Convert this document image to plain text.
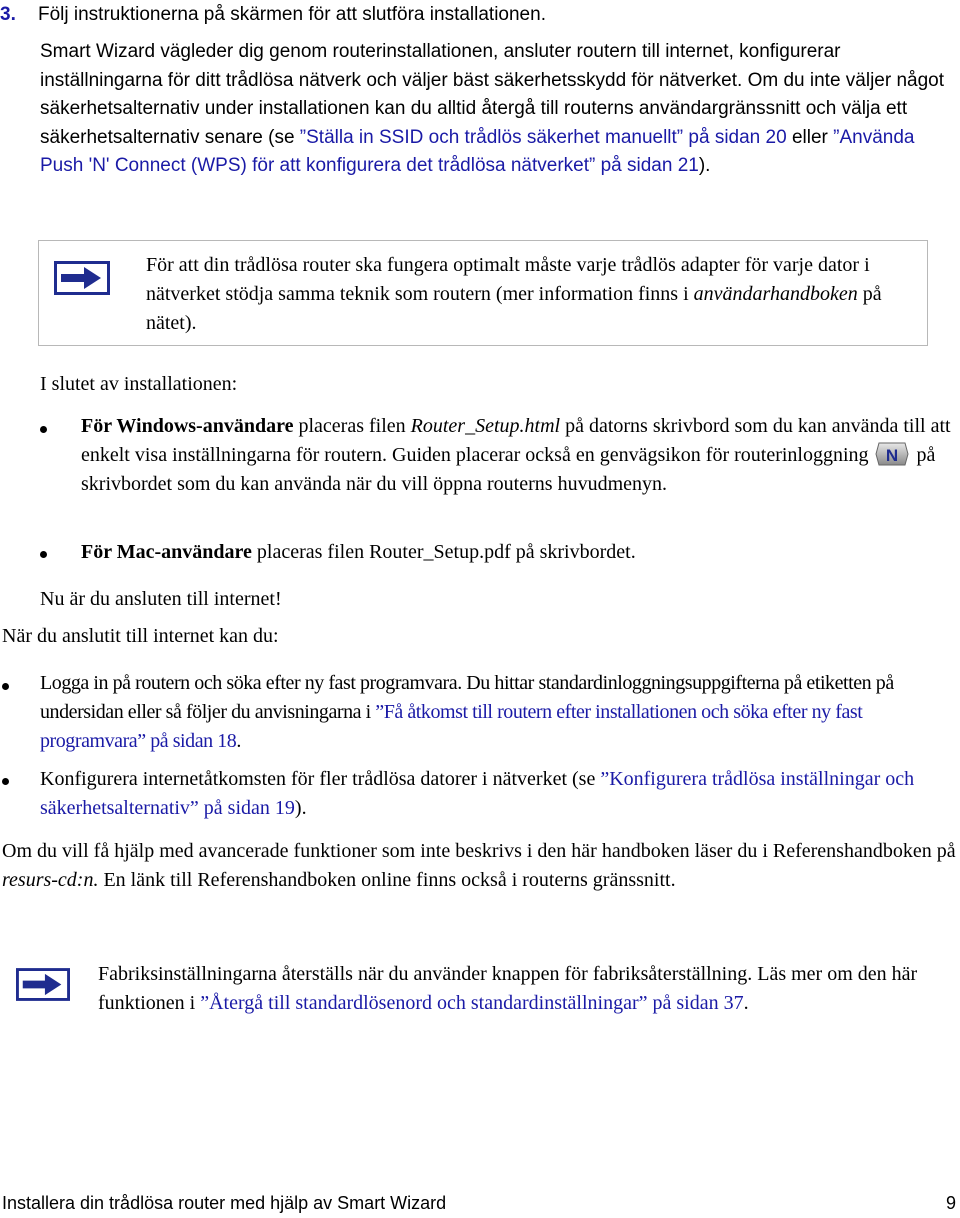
3. Följ instruktionerna på skärmen för att slutföra installationen.
Smart Wizard vägleder dig genom routerinstallationen, ansluter routern till internet, konfigurerar inställningarna för ditt trådlösa nätverk och väljer bäst säkerhetsskydd för nätverket. Om du inte väljer något säkerhetsalternativ under installationen kan du alltid återgå till routerns användargränssnitt och välja ett säkerhetsalternativ senare (se ”Ställa in SSID och trådlös säkerhet manuellt” på sidan 20 eller ”Använda Push 'N' Connect (WPS) för att konfigurera det trådlösa nätverket” på sidan 21).
För att din trådlösa router ska fungera optimalt måste varje trådlös adapter för varje dator i nätverket stödja samma teknik som routern (mer information finns i användarhandboken på nätet).
I slutet av installationen:
För Windows-användare placeras filen Router_Setup.html på datorns skrivbord som du kan använda till att enkelt visa inställningarna för routern. Guiden placerar också en genvägsikon för routerinloggning N på skrivbordet som du kan använda när du vill öppna routerns huvudmenyn.
För Mac-användare placeras filen Router_Setup.pdf på skrivbordet.
Nu är du ansluten till internet!
När du anslutit till internet kan du:
Logga in på routern och söka efter ny fast programvara. Du hittar standardinloggningsuppgifterna på etiketten på undersidan eller så följer du anvisningarna i ”Få åtkomst till routern efter installationen och söka efter ny fast programvara” på sidan 18.
Konfigurera internetåtkomsten för fler trådlösa datorer i nätverket (se ”Konfigurera trådlösa inställningar och säkerhetsalternativ” på sidan 19).
Om du vill få hjälp med avancerade funktioner som inte beskrivs i den här handboken läser du i Referenshandboken på resurs-cd:n. En länk till Referenshandboken online finns också i routerns gränssnitt.
Fabriksinställningarna återställs när du använder knappen för fabriksåterställning. Läs mer om den här funktionen i ”Återgå till standardlösenord och standardinställningar” på sidan 37.
Installera din trådlösa router med hjälp av Smart Wizard	9
